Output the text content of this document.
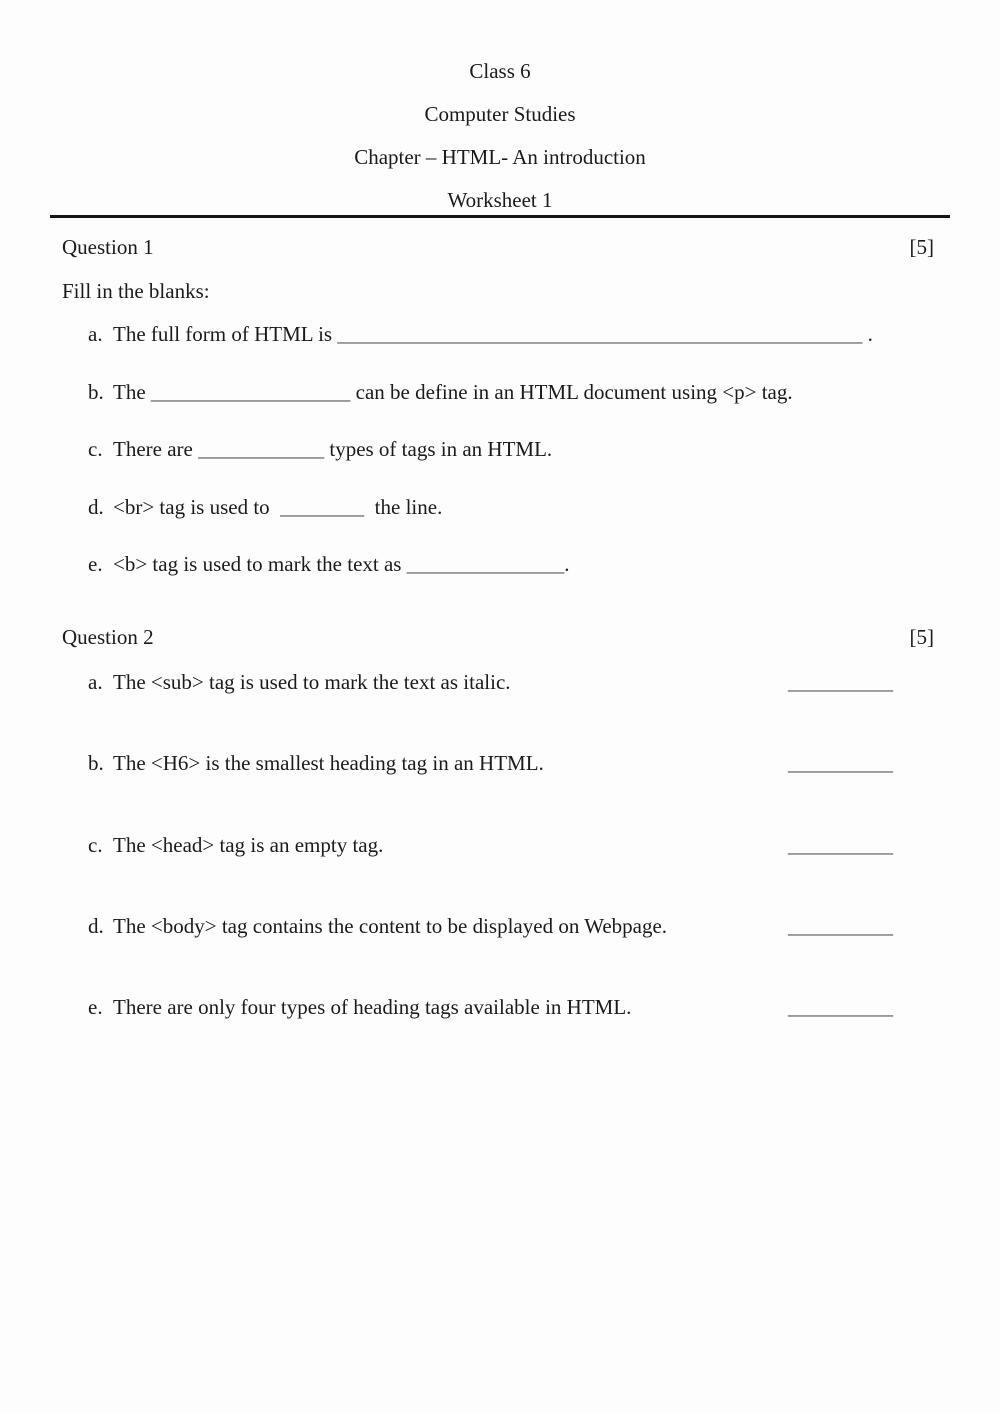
Class 6
Computer Studies
Chapter – HTML- An introduction
Worksheet 1
Question 1	[5]
Fill in the blanks:
a. The full form of HTML is __________________________________________________ .
b. The ___________________ can be define in an HTML document using <p> tag.
c. There are ____________ types of tags in an HTML.
d. <br> tag is used to  ________  the line.
e. <b> tag is used to mark the text as _______________.
Question 2	[5]
a. The <sub> tag is used to mark the text as italic.	__________
b. The <H6> is the smallest heading tag in an HTML.	__________
c. The <head> tag is an empty tag.	__________
d. The <body> tag contains the content to be displayed on Webpage.	__________
e. There are only four types of heading tags available in HTML.	__________
